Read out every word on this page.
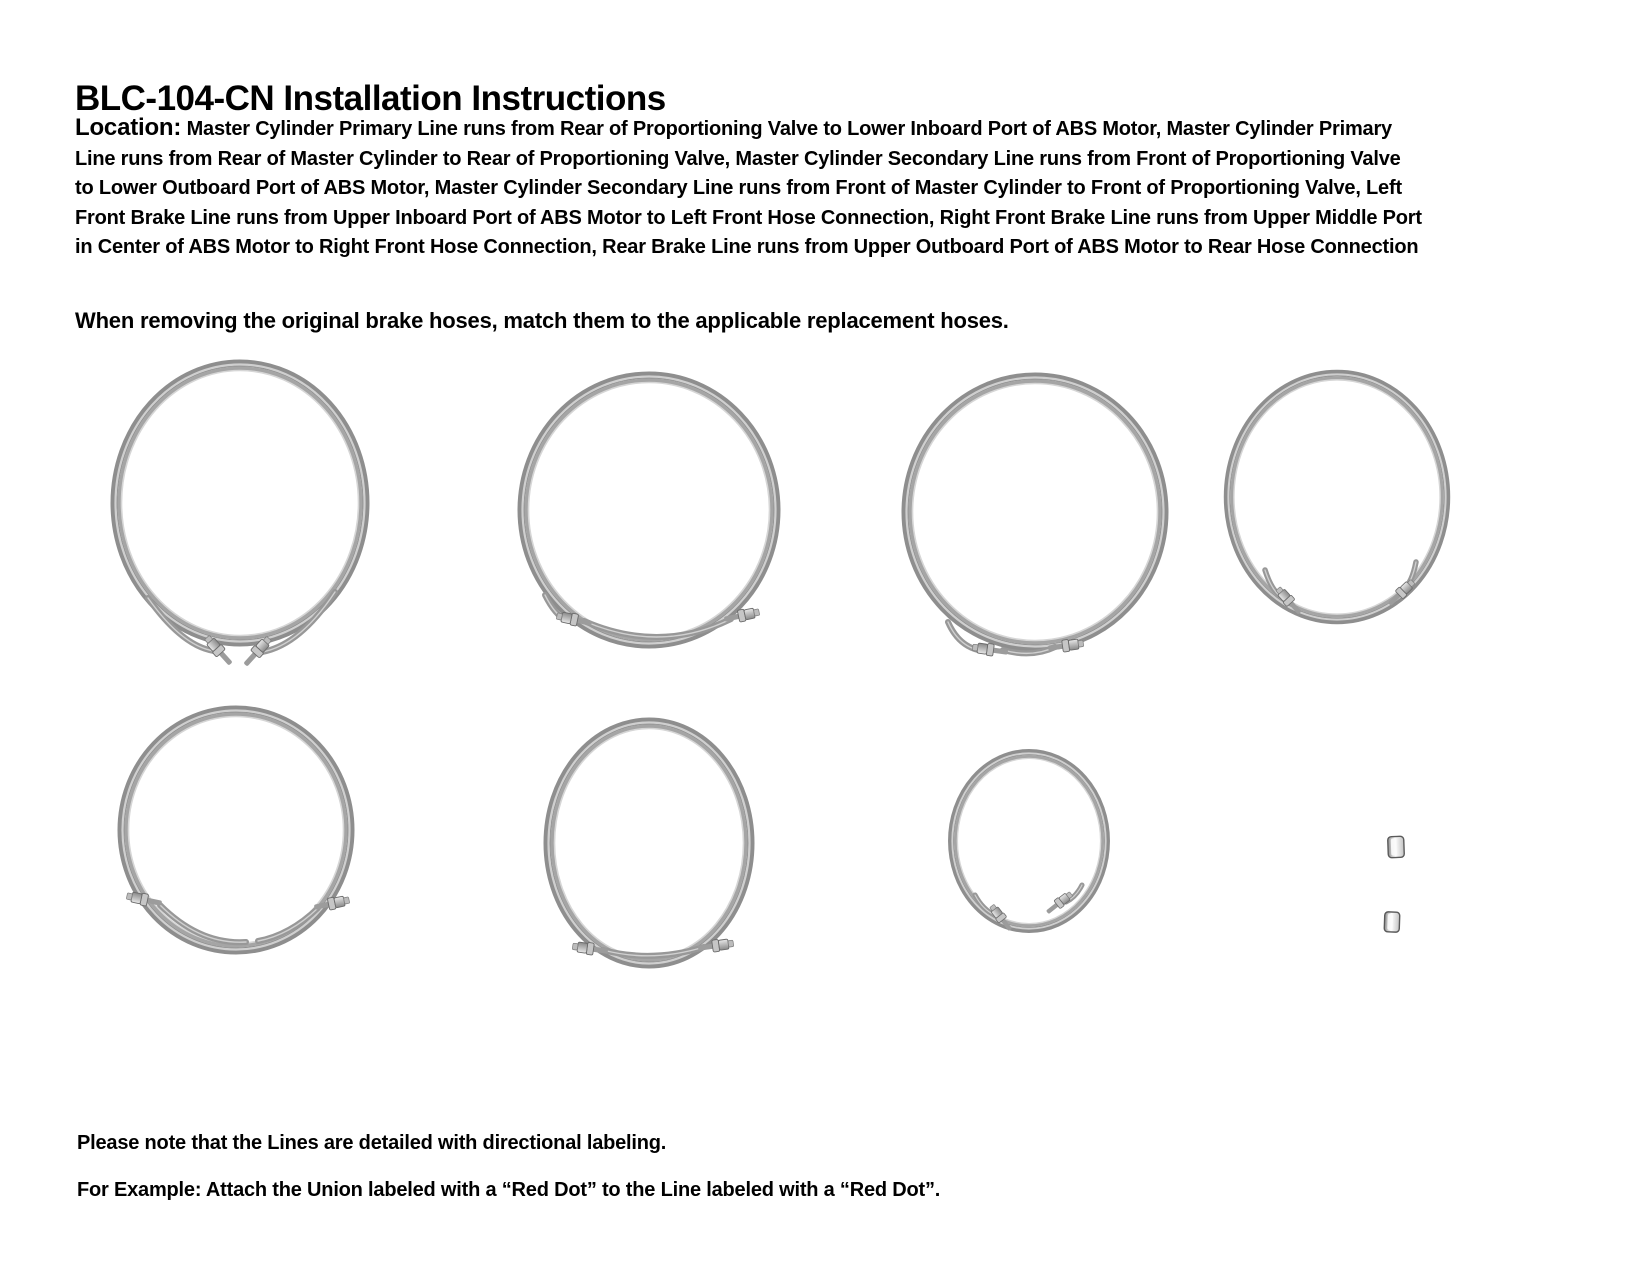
BLC-104-CN Installation Instructions
Location: Master Cylinder Primary Line runs from Rear of Proportioning Valve to Lower Inboard Port of ABS Motor, Master Cylinder Primary
Line runs from Rear of Master Cylinder to Rear of Proportioning Valve, Master Cylinder Secondary Line runs from Front of Proportioning Valve
to Lower Outboard Port of ABS Motor, Master Cylinder Secondary Line runs from Front of Master Cylinder to Front of Proportioning Valve, Left
Front Brake Line runs from Upper Inboard Port of ABS Motor to Left Front Hose Connection, Right Front Brake Line runs from Upper Middle Port
in Center of ABS Motor to Right Front Hose Connection, Rear Brake Line runs from Upper Outboard Port of ABS Motor to Rear Hose Connection

When removing the original brake hoses, match them to the applicable replacement hoses.

Please note that the Lines are detailed with directional labeling.

For Example: Attach the Union labeled with a “Red Dot” to the Line labeled with a “Red Dot”.
